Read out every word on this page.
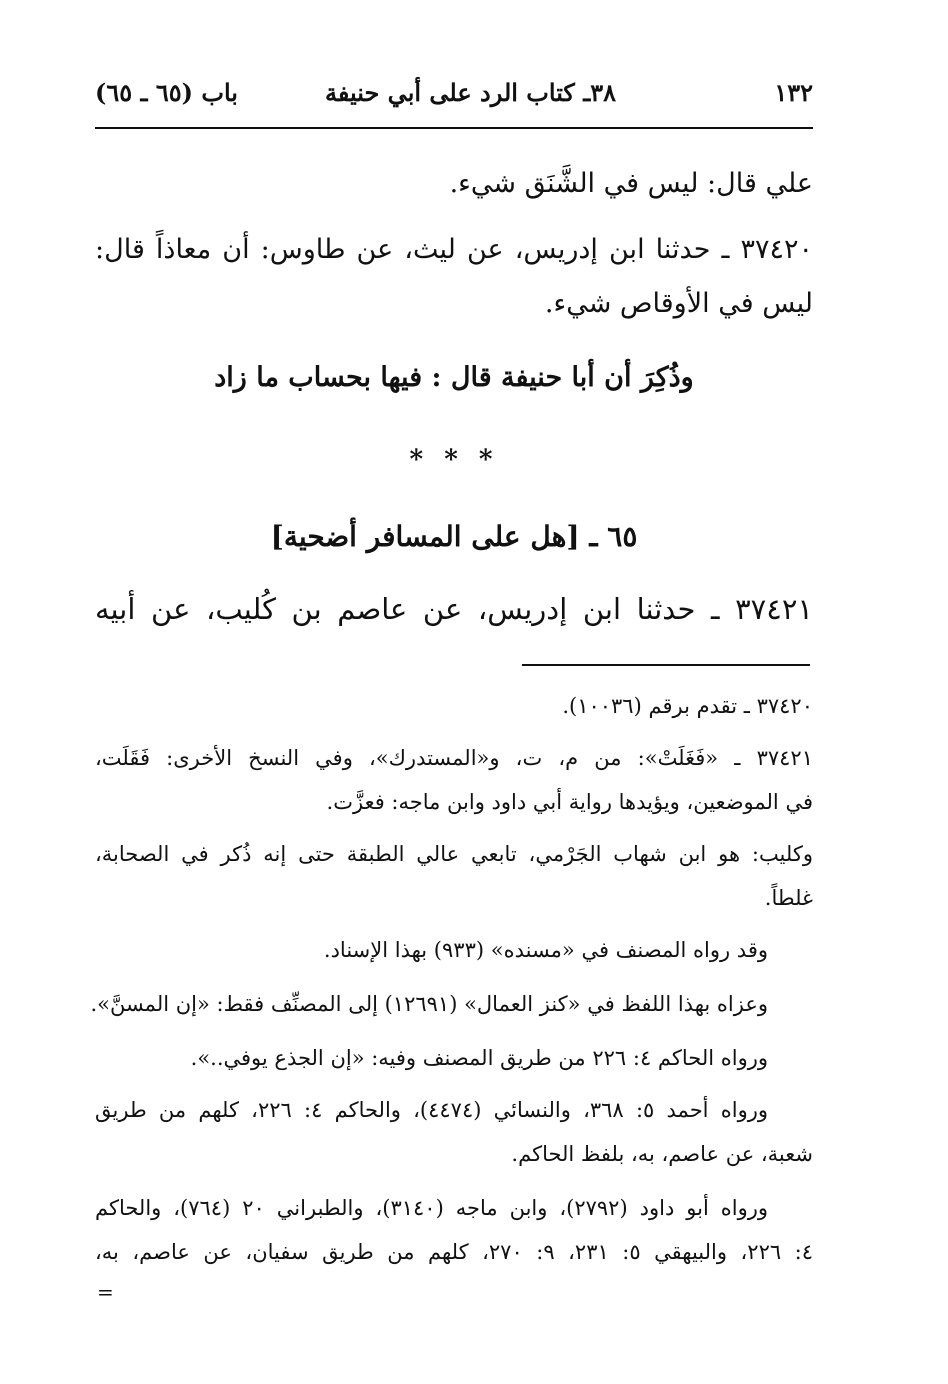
١٣٢
٣٨ـ كتاب الرد على أبي حنيفة
باب (٦٥ ـ ٦٥)
علي قال: ليس في الشَّنَق شيء.
٣٧٤٢٠ ـ حدثنا ابن إدريس، عن ليث، عن طاوس: أن معاذاً قال:
ليس في الأوقاص شيء.
وذُكِرَ أن أبا حنيفة قال : فيها بحساب ما زاد
* * *
٦٥ ـ [هل على المسافر أضحية]
٣٧٤٢١ ـ حدثنا ابن إدريس، عن عاصم بن كُليب، عن أبيه
٣٧٤٢٠ ـ تقدم برقم (١٠٠٣٦).
٣٧٤٢١ ـ «فَغَلَتْ»: من م، ت، و«المستدرك»، وفي النسخ الأخرى: فَقَلَت،
في الموضعين، ويؤيدها رواية أبي داود وابن ماجه: فعزَّت.
وكليب: هو ابن شهاب الجَرْمي، تابعي عالي الطبقة حتى إنه ذُكر في الصحابة،
غلطاً.
وقد رواه المصنف في «مسنده» (٩٣٣) بهذا الإسناد.
وعزاه بهذا اللفظ في «كنز العمال» (١٢٦٩١) إلى المصنِّف فقط: «إن المسنَّ».
ورواه الحاكم ٤: ٢٢٦ من طريق المصنف وفيه: «إن الجذع يوفي..».
ورواه أحمد ٥: ٣٦٨، والنسائي (٤٤٧٤)، والحاكم ٤: ٢٢٦، كلهم من طريق
شعبة، عن عاصم، به، بلفظ الحاكم.
ورواه أبو داود (٢٧٩٢)، وابن ماجه (٣١٤٠)، والطبراني ٢٠ (٧٦٤)، والحاكم
٤: ٢٢٦، والبيهقي ٥: ٢٣١، ٩: ٢٧٠، كلهم من طريق سفيان، عن عاصم، به،
=
